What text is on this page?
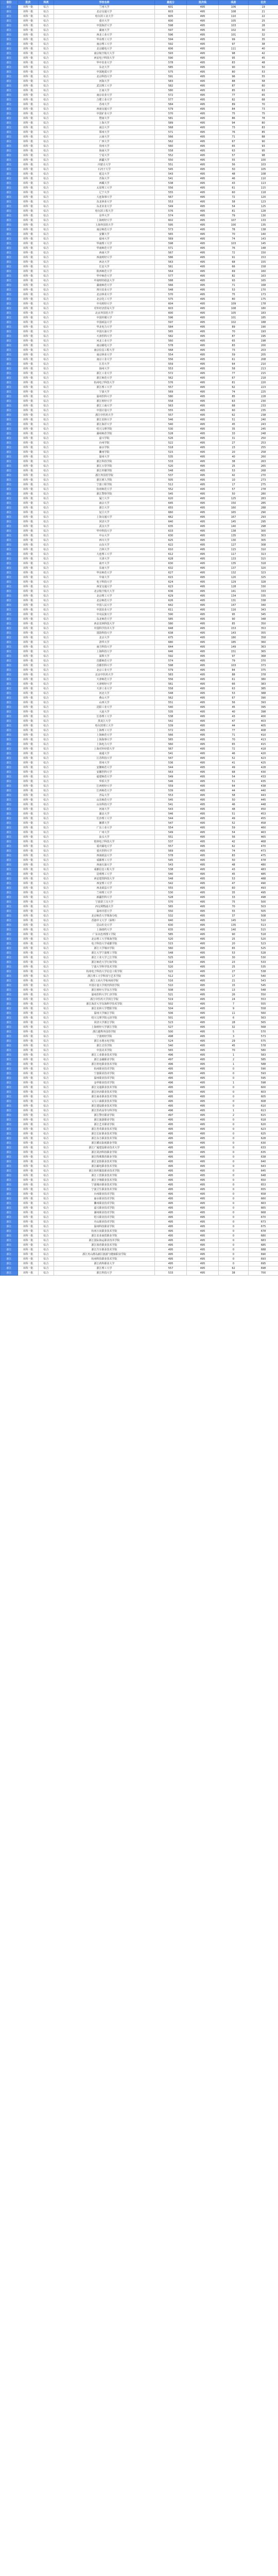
省份	批次	科类	学校名称	最低分	批次线	线差	位次
浙江	本科一批	综合	兰州大学	601	495	106	19
浙江	本科一批	综合	北京交通大学	603	495	108	21
浙江	本科一批	综合	哈尔滨工业大学	605	495	110	22
浙江	本科一批	综合	重庆大学	600	495	105	25
浙江	本科一批	综合	中国海洋大学	598	495	103	28
浙江	本科一批	综合	湖南大学	597	495	102	30
浙江	本科一批	综合	西北工业大学	596	495	101	32
浙江	本科一批	综合	华东理工大学	594	495	99	35
浙江	本科一批	综合	南京理工大学	592	495	97	38
浙江	本科一批	综合	北京邮电大学	606	495	111	40
浙江	本科一批	综合	南京航空航天大学	593	495	98	42
浙江	本科一批	综合	西安电子科技大学	590	495	95	45
浙江	本科一批	综合	华中农业大学	578	495	83	48
浙江	本科一批	综合	东北大学	585	495	90	50
浙江	本科一批	综合	中国地质大学	575	495	80	53
浙江	本科一批	综合	北京科技大学	591	495	96	55
浙江	本科一批	综合	河海大学	583	495	88	58
浙江	本科一批	综合	武汉理工大学	582	495	87	60
浙江	本科一批	综合	江南大学	580	495	85	63
浙江	本科一批	综合	南京农业大学	572	495	77	65
浙江	本科一批	综合	合肥工业大学	577	495	82	68
浙江	本科一批	综合	苏州大学	584	495	89	70
浙江	本科一批	综合	西南交通大学	579	495	84	73
浙江	本科一批	综合	中国矿业大学	570	495	75	75
浙江	本科一批	综合	暨南大学	581	495	86	78
浙江	本科一批	综合	上海大学	589	495	94	80
浙江	本科一批	综合	南昌大学	568	495	73	83
浙江	本科一批	综合	郑州大学	571	495	76	85
浙江	本科一批	综合	云南大学	566	495	71	88
浙江	本科一批	综合	广西大学	562	495	67	90
浙江	本科一批	综合	贵州大学	560	495	65	93
浙江	本科一批	综合	海南大学	558	495	63	95
浙江	本科一批	综合	宁夏大学	552	495	57	98
浙江	本科一批	综合	新疆大学	550	495	55	100
浙江	本科一批	综合	内蒙古大学	551	495	56	103
浙江	本科一批	综合	石河子大学	545	495	50	105
浙江	本科一批	综合	延边大学	543	495	48	108
浙江	本科一批	综合	青海大学	541	495	46	110
浙江	本科一批	综合	西藏大学	538	495	43	113
浙江	本科一批	综合	太原理工大学	556	495	61	115
浙江	本科一批	综合	辽宁大学	555	495	60	118
浙江	本科一批	综合	大连海事大学	567	495	72	120
浙江	本科一批	综合	东北林业大学	553	495	58	123
浙江	本科一批	综合	东北农业大学	549	495	54	125
浙江	本科一批	综合	哈尔滨工程大学	576	495	81	128
浙江	本科一批	综合	东华大学	574	495	79	130
浙江	本科一批	综合	上海财经大学	602	495	107	133
浙江	本科一批	综合	上海外国语大学	595	495	100	135
浙江	本科一批	综合	南京师范大学	573	495	78	138
浙江	本科一批	综合	安徽大学	565	495	70	140
浙江	本科一批	综合	福州大学	569	495	74	143
浙江	本科一批	综合	华南理工大学	598	495	103	145
浙江	本科一批	综合	华南师范大学	571	495	76	148
浙江	本科一批	综合	西南大学	567	495	72	150
浙江	本科一批	综合	西南财经大学	586	495	91	153
浙江	本科一批	综合	西北大学	563	495	68	155
浙江	本科一批	综合	长安大学	561	495	66	158
浙江	本科一批	综合	陕西师范大学	564	495	69	160
浙江	本科一批	综合	华中师范大学	577	495	82	163
浙江	本科一批	综合	中南财经政法大学	588	495	93	165
浙江	本科一批	综合	湖南师范大学	566	495	71	168
浙江	本科一批	综合	四川农业大学	548	495	53	170
浙江	本科一批	综合	北京林业大学	570	495	75	173
浙江	本科一批	综合	北京化工大学	575	495	80	175
浙江	本科一批	综合	中央财经大学	604	495	109	178
浙江	本科一批	综合	对外经济贸易大学	603	495	108	180
浙江	本科一批	综合	北京外国语大学	600	495	105	183
浙江	本科一批	综合	中国传媒大学	596	495	101	185
浙江	本科一批	综合	中国政法大学	597	495	102	188
浙江	本科一批	综合	华北电力大学	584	495	89	190
浙江	本科一批	综合	中国石油大学	565	495	70	193
浙江	本科一批	综合	天津医科大学	582	495	87	195
浙江	本科一批	综合	河北工业大学	560	495	65	198
浙江	本科一批	综合	南京邮电大学	578	495	83	200
浙江	本科一批	综合	南京信息工程大学	568	495	73	203
浙江	本科一批	综合	南京林业大学	554	495	59	205
浙江	本科一批	综合	南京工业大学	556	495	61	208
浙江	本科一批	综合	江苏大学	559	495	64	210
浙江	本科一批	综合	扬州大学	553	495	58	213
浙江	本科一批	综合	浙江工业大学	572	495	77	215
浙江	本科一批	综合	浙江师范大学	562	495	67	218
浙江	本科一批	综合	杭州电子科技大学	576	495	81	220
浙江	本科一批	综合	浙江理工大学	557	495	62	223
浙江	本科一批	综合	宁波大学	569	495	74	225
浙江	本科一批	综合	温州医科大学	580	495	85	228
浙江	本科一批	综合	浙江财经大学	558	495	63	230
浙江	本科一批	综合	浙江工商大学	563	495	68	233
浙江	本科一批	综合	中国计量大学	555	495	60	235
浙江	本科一批	综合	浙江中医药大学	557	495	62	238
浙江	本科一批	综合	浙江农林大学	546	495	51	240
浙江	本科一批	综合	浙江海洋大学	540	495	45	243
浙江	本科一批	综合	绍兴文理学院	530	495	35	245
浙江	本科一批	综合	湖州师范学院	528	495	33	248
浙江	本科一批	综合	嘉兴学院	526	495	31	250
浙江	本科一批	综合	台州学院	522	495	27	253
浙江	本科一批	综合	丽水学院	518	495	23	255
浙江	本科一批	综合	衢州学院	515	495	20	258
浙江	本科一批	综合	温州大学	535	495	40	260
浙江	本科一批	综合	浙江科技学院	533	495	38	263
浙江	本科一批	综合	浙江万里学院	520	495	25	265
浙江	本科一批	综合	浙江传媒学院	548	495	53	268
浙江	本科一批	综合	浙江外国语学院	537	495	42	270
浙江	本科一批	综合	浙江树人学院	505	495	10	273
浙江	本科一批	综合	宁波工程学院	512	495	17	275
浙江	本科一批	综合	杭州师范大学	552	495	57	278
浙江	本科一批	综合	浙江警察学院	545	495	50	280
浙江	本科一批	综合	厦门大学	620	495	125	283
浙江	本科一批	综合	南京大学	645	495	150	285
浙江	本科一批	综合	浙江大学	655	495	160	288
浙江	本科一批	综合	复旦大学	660	495	165	290
浙江	本科一批	综合	上海交通大学	662	495	167	293
浙江	本科一批	综合	同济大学	640	495	145	295
浙江	本科一批	综合	武汉大学	635	495	140	298
浙江	本科一批	综合	华中科技大学	633	495	138	300
浙江	本科一批	综合	中山大学	630	495	135	303
浙江	本科一批	综合	四川大学	625	495	130	305
浙江	本科一批	综合	山东大学	622	495	127	308
浙江	本科一批	综合	吉林大学	610	495	115	310
浙江	本科一批	综合	大连理工大学	612	495	117	313
浙江	本科一批	综合	天津大学	628	495	133	315
浙江	本科一批	综合	南开大学	630	495	135	318
浙江	本科一批	综合	东南大学	632	495	137	320
浙江	本科一批	综合	华东师范大学	627	495	132	323
浙江	本科一批	综合	中南大学	615	495	120	325
浙江	本科一批	综合	电子科技大学	624	495	129	328
浙江	本科一批	综合	西安交通大学	623	495	128	330
浙江	本科一批	综合	北京航空航天大学	636	495	141	333
浙江	本科一批	综合	北京理工大学	629	495	134	335
浙江	本科一批	综合	北京师范大学	626	495	131	338
浙江	本科一批	综合	中国人民大学	642	495	147	340
浙江	本科一批	综合	中国农业大学	611	495	116	343
浙江	本科一批	综合	中央民族大学	590	495	95	345
浙江	本科一批	综合	东北师范大学	585	495	90	348
浙江	本科一批	综合	西北农林科技大学	580	495	85	350
浙江	本科一批	综合	中国科学技术大学	648	495	153	353
浙江	本科一批	综合	国防科技大学	638	495	143	355
浙江	本科一批	综合	北京大学	675	495	180	358
浙江	本科一批	综合	清华大学	680	495	185	360
浙江	本科一批	综合	南方科技大学	644	495	149	363
浙江	本科一批	综合	上海科技大学	646	495	151	365
浙江	本科一批	综合	深圳大学	592	495	97	368
浙江	本科一批	综合	首都师范大学	574	495	79	370
浙江	本科一批	综合	首都医科大学	598	495	103	373
浙江	本科一批	综合	北京工业大学	579	495	84	375
浙江	本科一批	综合	北京中医药大学	583	495	88	378
浙江	本科一批	综合	天津师范大学	556	495	61	380
浙江	本科一批	综合	天津财经大学	561	495	66	383
浙江	本科一批	综合	天津工业大学	558	495	63	385
浙江	本科一批	综合	河北大学	548	495	53	388
浙江	本科一批	综合	燕山大学	562	495	67	390
浙江	本科一批	综合	山西大学	551	495	56	393
浙江	本科一批	综合	沈阳工业大学	540	495	45	395
浙江	本科一批	综合	大连大学	535	495	40	398
浙江	本科一批	综合	长春理工大学	538	495	43	400
浙江	本科一批	综合	黑龙江大学	542	495	47	403
浙江	本科一批	综合	哈尔滨理工大学	539	495	44	405
浙江	本科一批	综合	上海理工大学	572	495	77	408
浙江	本科一批	综合	上海师范大学	566	495	71	410
浙江	本科一批	综合	上海海事大学	565	495	70	413
浙江	本科一批	综合	上海电力大学	560	495	65	415
浙江	本科一批	综合	上海对外经贸大学	567	495	72	418
浙江	本科一批	综合	南通大学	541	495	46	420
浙江	本科一批	综合	江苏科技大学	547	495	52	423
浙江	本科一批	综合	常州大学	536	495	41	425
浙江	本科一批	综合	安徽师范大学	544	495	49	428
浙江	本科一批	综合	安徽医科大学	563	495	68	430
浙江	本科一批	综合	福建师范大学	549	495	54	433
浙江	本科一批	综合	华侨大学	546	495	51	435
浙江	本科一批	综合	江西财经大学	559	495	64	438
浙江	本科一批	综合	江西师范大学	539	495	44	440
浙江	本科一批	综合	青岛大学	553	495	58	443
浙江	本科一批	综合	山东师范大学	545	495	50	445
浙江	本科一批	综合	山东科技大学	541	495	46	448
浙江	本科一批	综合	河南大学	543	495	48	450
浙江	本科一批	综合	湖北大学	546	495	51	453
浙江	本科一批	综合	长沙理工大学	544	495	49	455
浙江	本科一批	综合	湘潭大学	547	495	52	458
浙江	本科一批	综合	广东工业大学	554	495	59	460
浙江	本科一批	综合	广州大学	549	495	54	463
浙江	本科一批	综合	汕头大学	551	495	56	465
浙江	本科一批	综合	桂林电子科技大学	537	495	42	468
浙江	本科一批	综合	重庆邮电大学	557	495	62	470
浙江	本科一批	综合	重庆医科大学	569	495	74	473
浙江	本科一批	综合	西南政法大学	578	495	83	475
浙江	本科一批	综合	成都理工大学	545	495	50	478
浙江	本科一批	综合	西南石油大学	543	495	48	480
浙江	本科一批	综合	成都信息工程大学	538	495	43	483
浙江	本科一批	综合	昆明理工大学	540	495	45	485
浙江	本科一批	综合	西安建筑科技大学	548	495	53	488
浙江	本科一批	综合	西安理工大学	542	495	47	490
浙江	本科一批	综合	西北政法大学	555	495	60	493
浙江	本科一批	综合	兰州理工大学	530	495	35	495
浙江	本科一批	综合	新疆医科大学	528	495	33	498
浙江	本科一批	综合	宁波诺丁汉大学	570	495	75	500
浙江	本科一批	综合	西交利物浦大学	565	495	70	503
浙江	本科一批	综合	温州肯恩大学	550	495	55	505
浙江	本科一批	综合	北京师范大学珠海分校	532	495	37	508
浙江	本科一批	综合	香港中文大学（深圳）	640	495	145	510
浙江	本科一批	综合	昆山杜克大学	630	495	135	513
浙江	本科一批	综合	上海纽约大学	635	495	140	515
浙江	本科一批	综合	广东以色列理工学院	585	495	90	518
浙江	本科一批	综合	北京理工大学珠海学院	520	495	25	520
浙江	本科一批	综合	电子科技大学成都学院	515	495	20	523
浙江	本科一批	综合	浙江大学城市学院	560	495	65	525
浙江	本科一批	综合	浙江大学宁波理工学院	548	495	53	528
浙江	本科一批	综合	浙江工业大学之江学院	525	495	30	530
浙江	本科一批	综合	浙江师范大学行知学院	518	495	23	533
浙江	本科一批	综合	宁波大学科学技术学院	520	495	25	535
浙江	本科一批	综合	杭州电子科技大学信息工程学院	522	495	27	538
浙江	本科一批	综合	浙江理工大学科技与艺术学院	512	495	17	540
浙江	本科一批	综合	浙江工商大学杭州商学院	516	495	21	543
浙江	本科一批	综合	中国计量大学现代科技学院	510	495	15	545
浙江	本科一批	综合	浙江财经大学东方学院	508	495	13	548
浙江	本科一批	综合	温州医科大学仁济学院	521	495	26	550
浙江	本科一批	综合	浙江中医药大学滨江学院	519	495	24	553
浙江	本科一批	综合	浙江海洋大学东海科学技术学院	502	495	7	555
浙江	本科一批	综合	浙江农林大学暨阳学院	504	495	9	558
浙江	本科一批	综合	温州大学瓯江学院	506	495	11	560
浙江	本科一批	综合	绍兴文理学院元培学院	501	495	6	563
浙江	本科一批	综合	同济大学浙江学院	523	495	28	565
浙江	本科一批	综合	上海财经大学浙江学院	527	495	32	568
浙江	本科一批	综合	浙江越秀外国语学院	500	495	5	570
浙江	本科一批	综合	宁波财经学院	498	495	3	573
浙江	本科一批	综合	浙江水利水电学院	524	495	29	575
浙江	本科一批	综合	浙江音乐学院	540	495	45	578
浙江	本科一批	综合	中国美术学院	565	495	70	580
浙江	本科一批	综合	浙江工业职业技术学院	496	495	1	583
浙江	本科一批	综合	浙江金融职业学院	497	495	2	585
浙江	本科一批	综合	浙江机电职业技术学院	496	495	1	588
浙江	本科一批	综合	杭州职业技术学院	495	495	0	590
浙江	本科一批	综合	宁波职业技术学院	495	495	0	593
浙江	本科一批	综合	温州职业技术学院	495	495	0	595
浙江	本科一批	综合	金华职业技术学院	496	495	1	598
浙江	本科一批	综合	浙江交通职业技术学院	495	495	0	600
浙江	本科一批	综合	浙江经济职业技术学院	495	495	0	603
浙江	本科一批	综合	浙江商业职业技术学院	495	495	0	605
浙江	本科一批	综合	义乌工商职业技术学院	495	495	0	608
浙江	本科一批	综合	浙江建设职业技术学院	495	495	0	610
浙江	本科一批	综合	浙江医药高等专科学校	496	495	1	613
浙江	本科一批	综合	浙江警官职业学院	497	495	2	615
浙江	本科一批	综合	浙江旅游职业学院	495	495	0	618
浙江	本科一批	综合	浙江艺术职业学院	495	495	0	620
浙江	本科一批	综合	浙江育英职业技术学院	495	495	0	623
浙江	本科一批	综合	浙江长征职业技术学院	495	495	0	625
浙江	本科一批	综合	浙江东方职业技术学院	495	495	0	628
浙江	本科一批	综合	浙江横店影视职业学院	495	495	0	630
浙江	本科一批	综合	浙江广厦建设职业技术大学	495	495	0	633
浙江	本科一批	综合	浙江同济科技职业学院	495	495	0	635
浙江	本科一批	综合	浙江特殊教育职业学院	495	495	0	638
浙江	本科一批	综合	浙江安防职业技术学院	495	495	0	640
浙江	本科一批	综合	浙江邮电职业技术学院	495	495	0	643
浙江	本科一批	综合	浙江纺织服装职业技术学院	495	495	0	645
浙江	本科一批	综合	浙江工贸职业技术学院	495	495	0	648
浙江	本科一批	综合	浙江宇翔职业技术学院	495	495	0	650
浙江	本科一批	综合	宁波城市职业技术学院	495	495	0	653
浙江	本科一批	综合	宁波卫生职业技术学院	495	495	0	655
浙江	本科一批	综合	台州职业技术学院	495	495	0	658
浙江	本科一批	综合	丽水职业技术学院	495	495	0	660
浙江	本科一批	综合	衢州职业技术学院	495	495	0	663
浙江	本科一批	综合	嘉兴职业技术学院	495	495	0	665
浙江	本科一批	综合	湖州职业技术学院	495	495	0	668
浙江	本科一批	综合	绍兴职业技术学院	495	495	0	670
浙江	本科一批	综合	舟山职业技术学院	495	495	0	673
浙江	本科一批	综合	温州科技职业学院	495	495	0	675
浙江	本科一批	综合	杭州万向职业技术学院	495	495	0	678
浙江	本科一批	综合	浙江农业商贸职业学院	495	495	0	680
浙江	本科一批	综合	浙江国际海运职业技术学院	495	495	0	683
浙江	本科一批	综合	浙江体育职业技术学院	495	495	0	685
浙江	本科一批	综合	浙江汽车职业技术学院	495	495	0	688
浙江	本科一批	综合	浙江舟山群岛新区旅游与健康职业学院	495	495	0	690
浙江	本科一批	综合	杭州科技职业技术学院	495	495	0	693
浙江	本科一批	综合	浙江药科职业大学	495	495	0	695
浙江	本科一批	综合	浙江理工大学	557	495	62	698
浙江	本科一批	综合	浙江科技大学	533	495	38	700
